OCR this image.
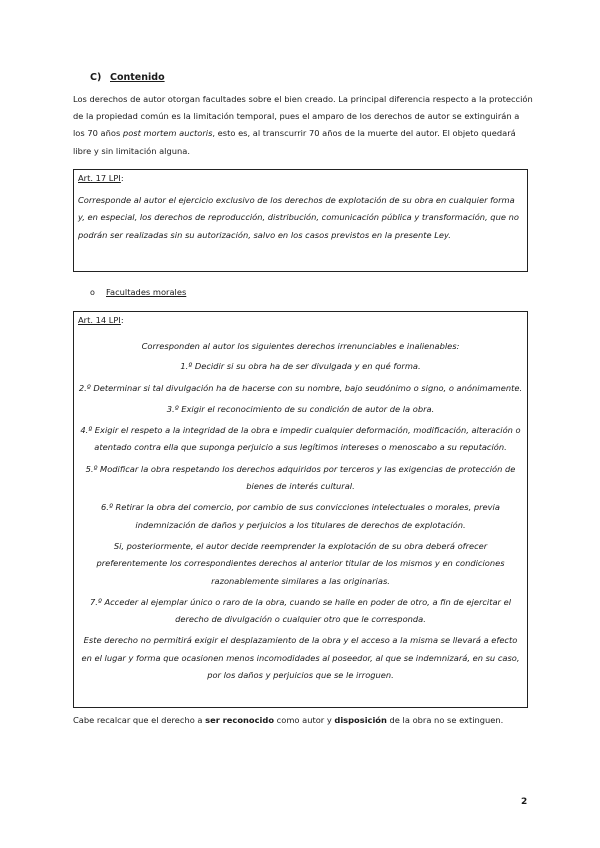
C) Contenido
Los derechos de autor otorgan facultades sobre el bien creado. La principal diferencia respecto a la protección de la propiedad común es la limitación temporal, pues el amparo de los derechos de autor se extinguirán a los 70 años post mortem auctoris, esto es, al transcurrir 70 años de la muerte del autor. El objeto quedará libre y sin limitación alguna.
Art. 17 LPI:
Corresponde al autor el ejercicio exclusivo de los derechos de explotación de su obra en cualquier forma y, en especial, los derechos de reproducción, distribución, comunicación pública y transformación, que no podrán ser realizadas sin su autorización, salvo en los casos previstos en la presente Ley.
o Facultades morales
Art. 14 LPI:

Corresponden al autor los siguientes derechos irrenunciables e inalienables:

1.º Decidir si su obra ha de ser divulgada y en qué forma.

2.º Determinar si tal divulgación ha de hacerse con su nombre, bajo seudónimo o signo, o anónimamente.

3.º Exigir el reconocimiento de su condición de autor de la obra.

4.º Exigir el respeto a la integridad de la obra e impedir cualquier deformación, modificación, alteración o atentado contra ella que suponga perjuicio a sus legítimos intereses o menoscabo a su reputación.

5.º Modificar la obra respetando los derechos adquiridos por terceros y las exigencias de protección de bienes de interés cultural.

6.º Retirar la obra del comercio, por cambio de sus convicciones intelectuales o morales, previa indemnización de daños y perjuicios a los titulares de derechos de explotación.

Si, posteriormente, el autor decide reemprender la explotación de su obra deberá ofrecer preferentemente los correspondientes derechos al anterior titular de los mismos y en condiciones razonablemente similares a las originarias.

7.º Acceder al ejemplar único o raro de la obra, cuando se halle en poder de otro, a fin de ejercitar el derecho de divulgación o cualquier otro que le corresponda.

Este derecho no permitirá exigir el desplazamiento de la obra y el acceso a la misma se llevará a efecto en el lugar y forma que ocasionen menos incomodidades al poseedor, al que se indemnizará, en su caso, por los daños y perjuicios que se le irroguen.

Cabe recalcar que el derecho a ser reconocido como autor y disposición de la obra no se extinguen.
2
